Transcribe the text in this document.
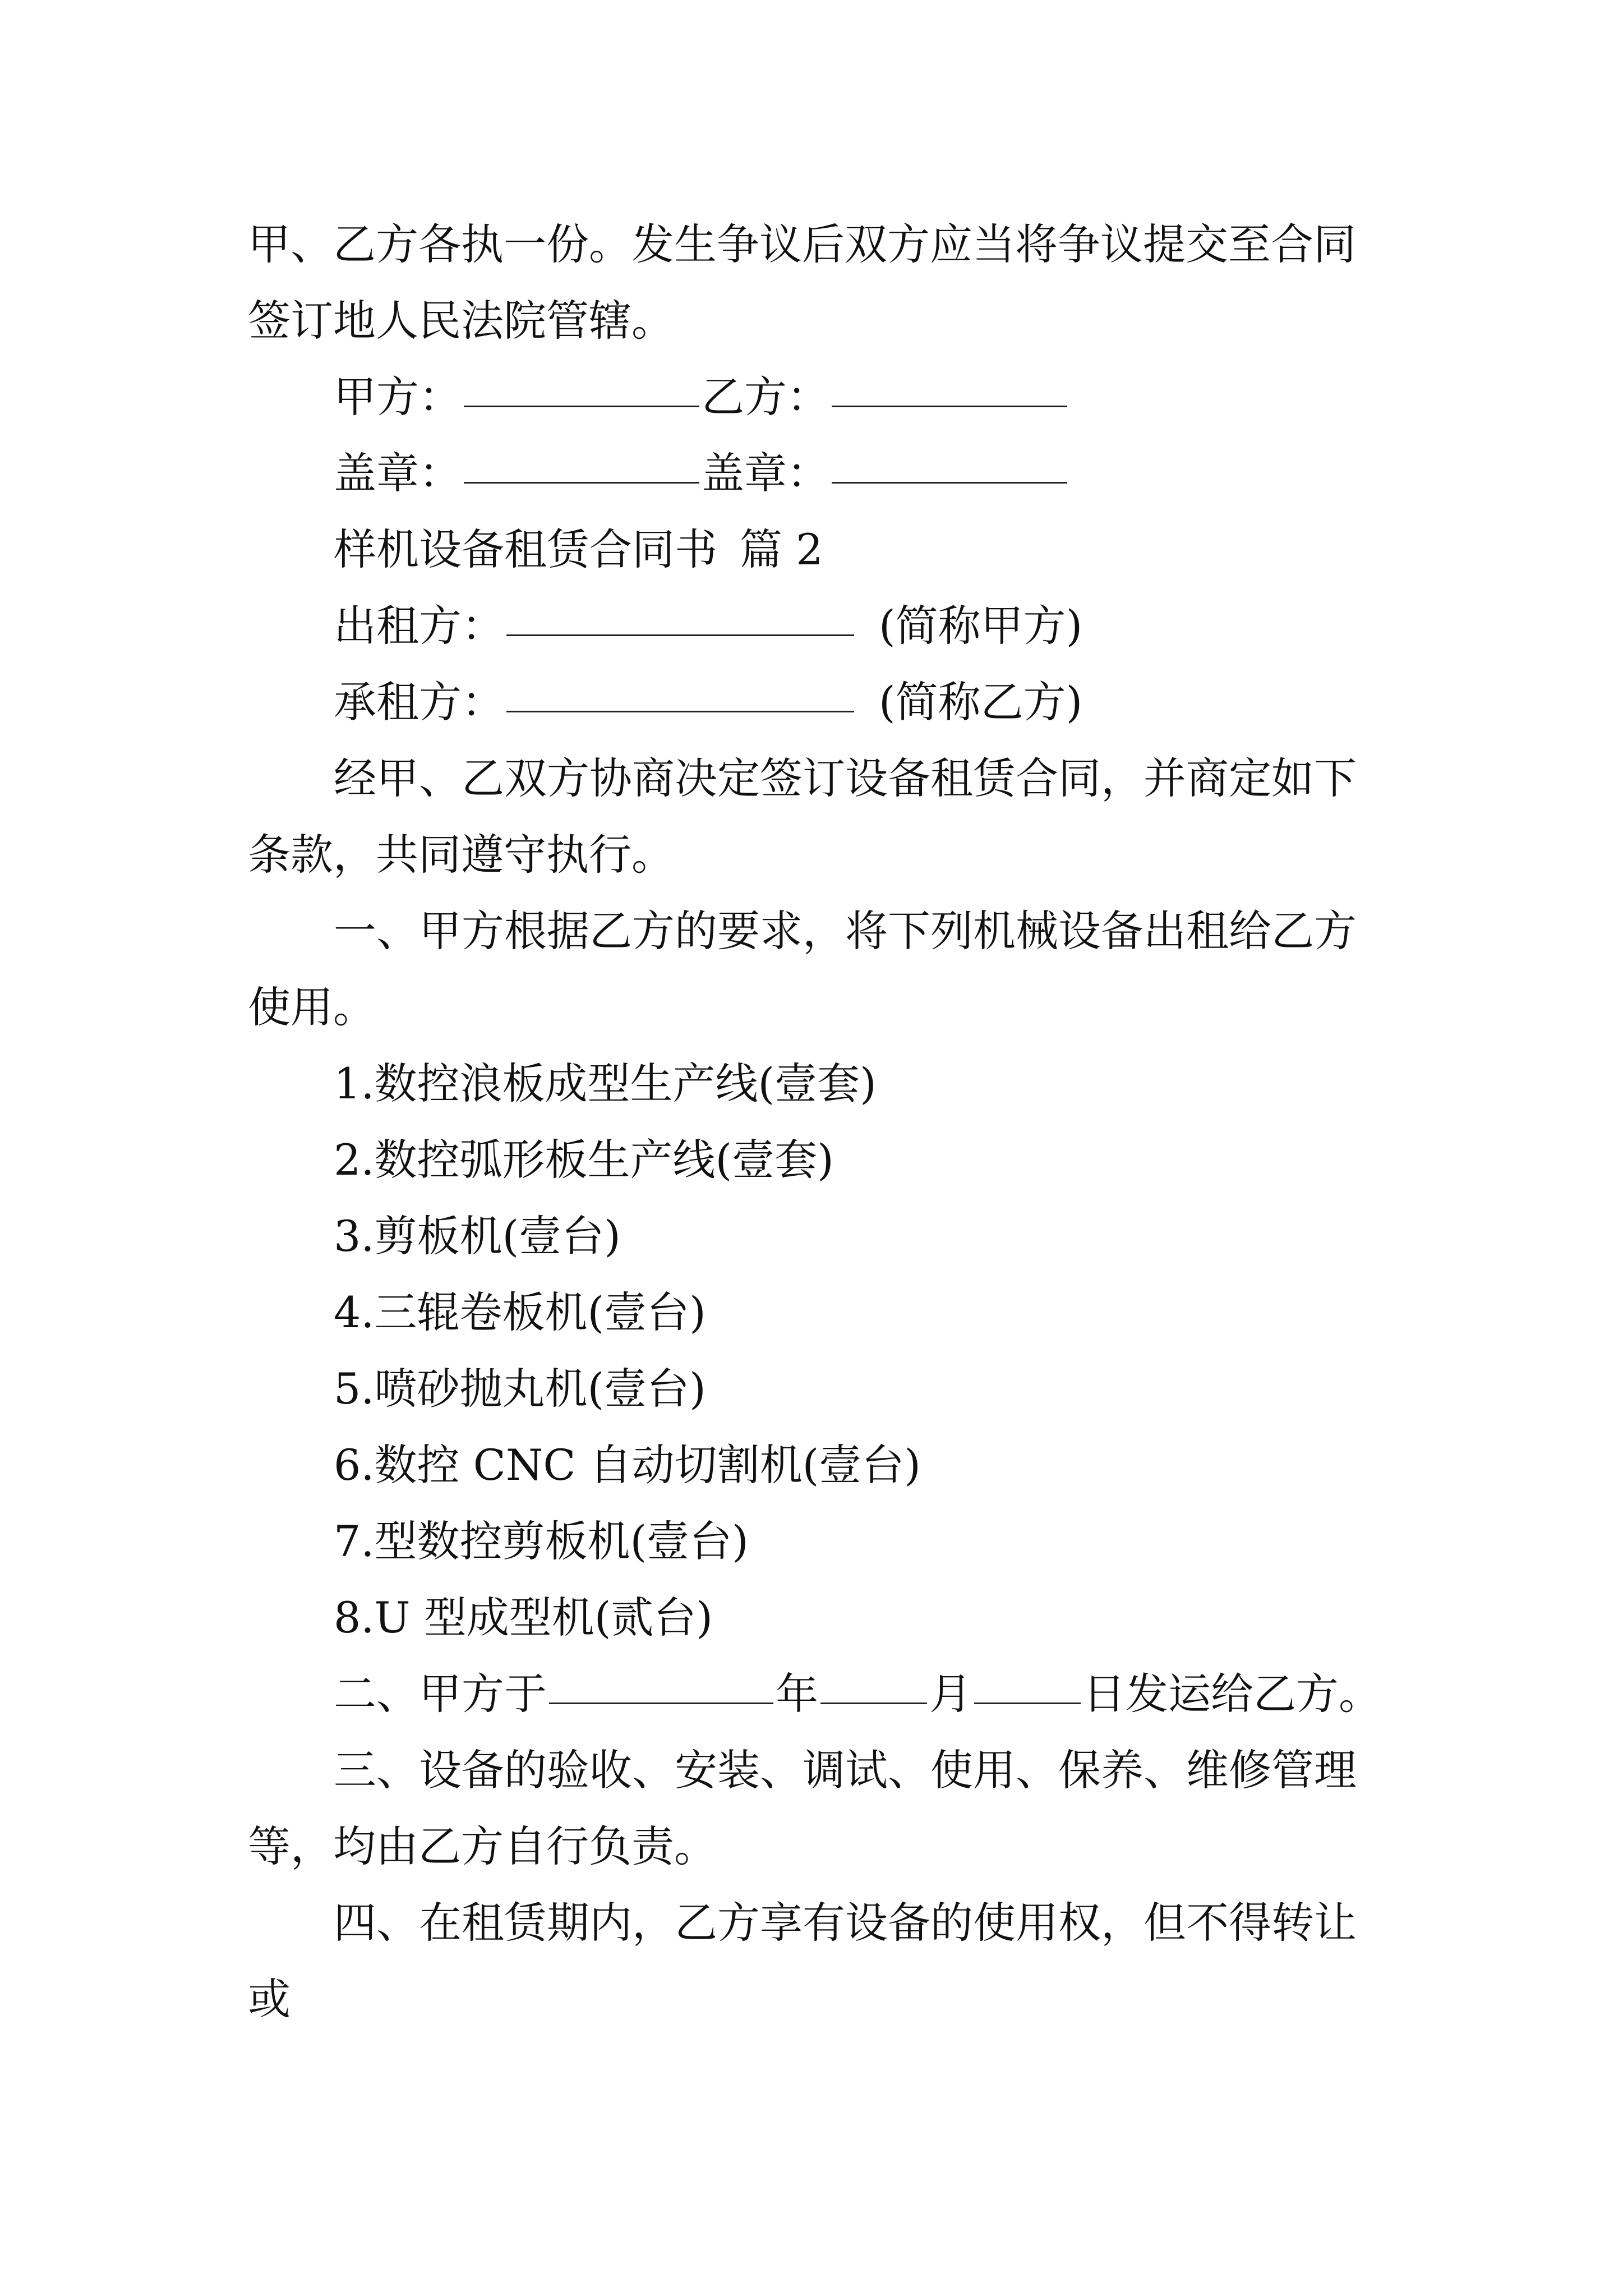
甲、乙方各执一份。发生争议后双方应当将争议提交至合同
签订地人民法院管辖。
甲方：	乙方：
盖章：	盖章：
样机设备租赁合同书 篇 2
出租方：	(简称甲方)
承租方：	(简称乙方)
经甲、乙双方协商决定签订设备租赁合同，并商定如下
条款，共同遵守执行。
一、甲方根据乙方的要求，将下列机械设备出租给乙方
使用。
1.数控浪板成型生产线(壹套)
2.数控弧形板生产线(壹套)
3.剪板机(壹台)
4.三辊卷板机(壹台)
5.喷砂抛丸机(壹台)
6.数控 CNC 自动切割机(壹台)
7.型数控剪板机(壹台)
8.U 型成型机(贰台)
二、甲方于	年	月	日发运给乙方。
三、设备的验收、安装、调试、使用、保养、维修管理
等，均由乙方自行负责。
四、在租赁期内，乙方享有设备的使用权，但不得转让
或
